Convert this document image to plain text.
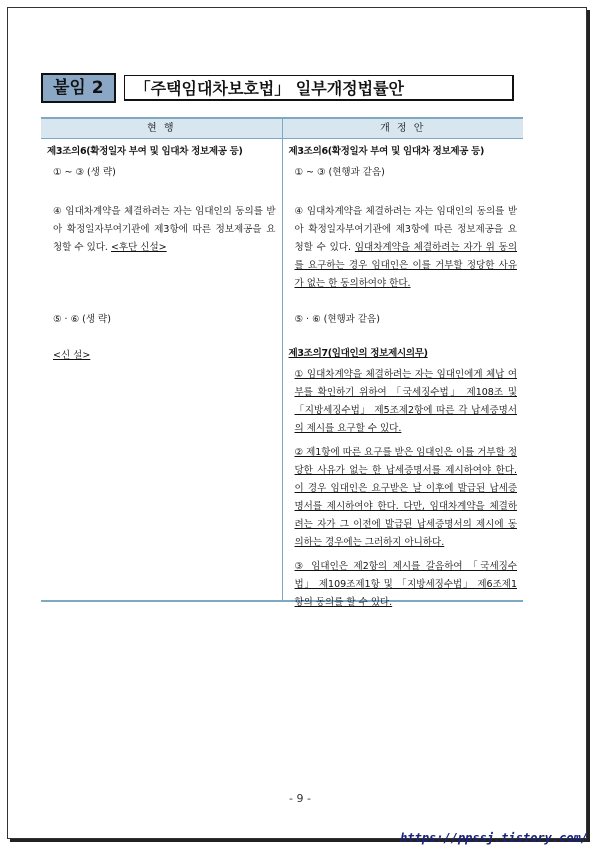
붙임 2	「주택임대차보호법」 일부개정법률안
현 행	개 정 안
제3조의6(확정일자 부여 및 임대차 정보제공 등)
① ~ ③ (생 략)
④ 임대차계약을 체결하려는 자는 임대인의 동의를 받아 확정일자부여기관에 제3항에 따른 정보제공을 요청할 수 있다. <후단 신설>
⑤ · ⑥ (생 략)
<신 설>
제3조의6(확정일자 부여 및 임대차 정보제공 등)
① ~ ③ (현행과 같음)
④ 임대차계약을 체결하려는 자는 임대인의 동의를 받아 확정일자부여기관에 제3항에 따른 정보제공을 요청할 수 있다. 임대차계약을 체결하려는 자가 위 동의를 요구하는 경우 임대인은 이를 거부할 정당한 사유가 없는 한 동의하여야 한다.
⑤ · ⑥ (현행과 같음)
제3조의7(임대인의 정보제시의무)
① 임대차계약을 체결하려는 자는 임대인에게 체납 여부를 확인하기 위하여 「국세징수법」 제108조 및 「지방세징수법」 제5조제2항에 따른 각 납세증명서의 제시를 요구할 수 있다.
② 제1항에 따른 요구를 받은 임대인은 이를 거부할 정당한 사유가 없는 한 납세증명서를 제시하여야 한다. 이 경우 임대인은 요구받은 날 이후에 발급된 납세증명서를 제시하여야 한다. 다만, 임대차계약을 체결하려는 자가 그 이전에 발급된 납세증명서의 제시에 동의하는 경우에는 그러하지 아니하다.
③ 임대인은 제2항의 제시를 갈음하여 「국세징수법」 제109조제1항 및 「지방세징수법」 제6조제1항의 동의를 할 수 있다.
- 9 -
https://ppssj.tistory.com/
